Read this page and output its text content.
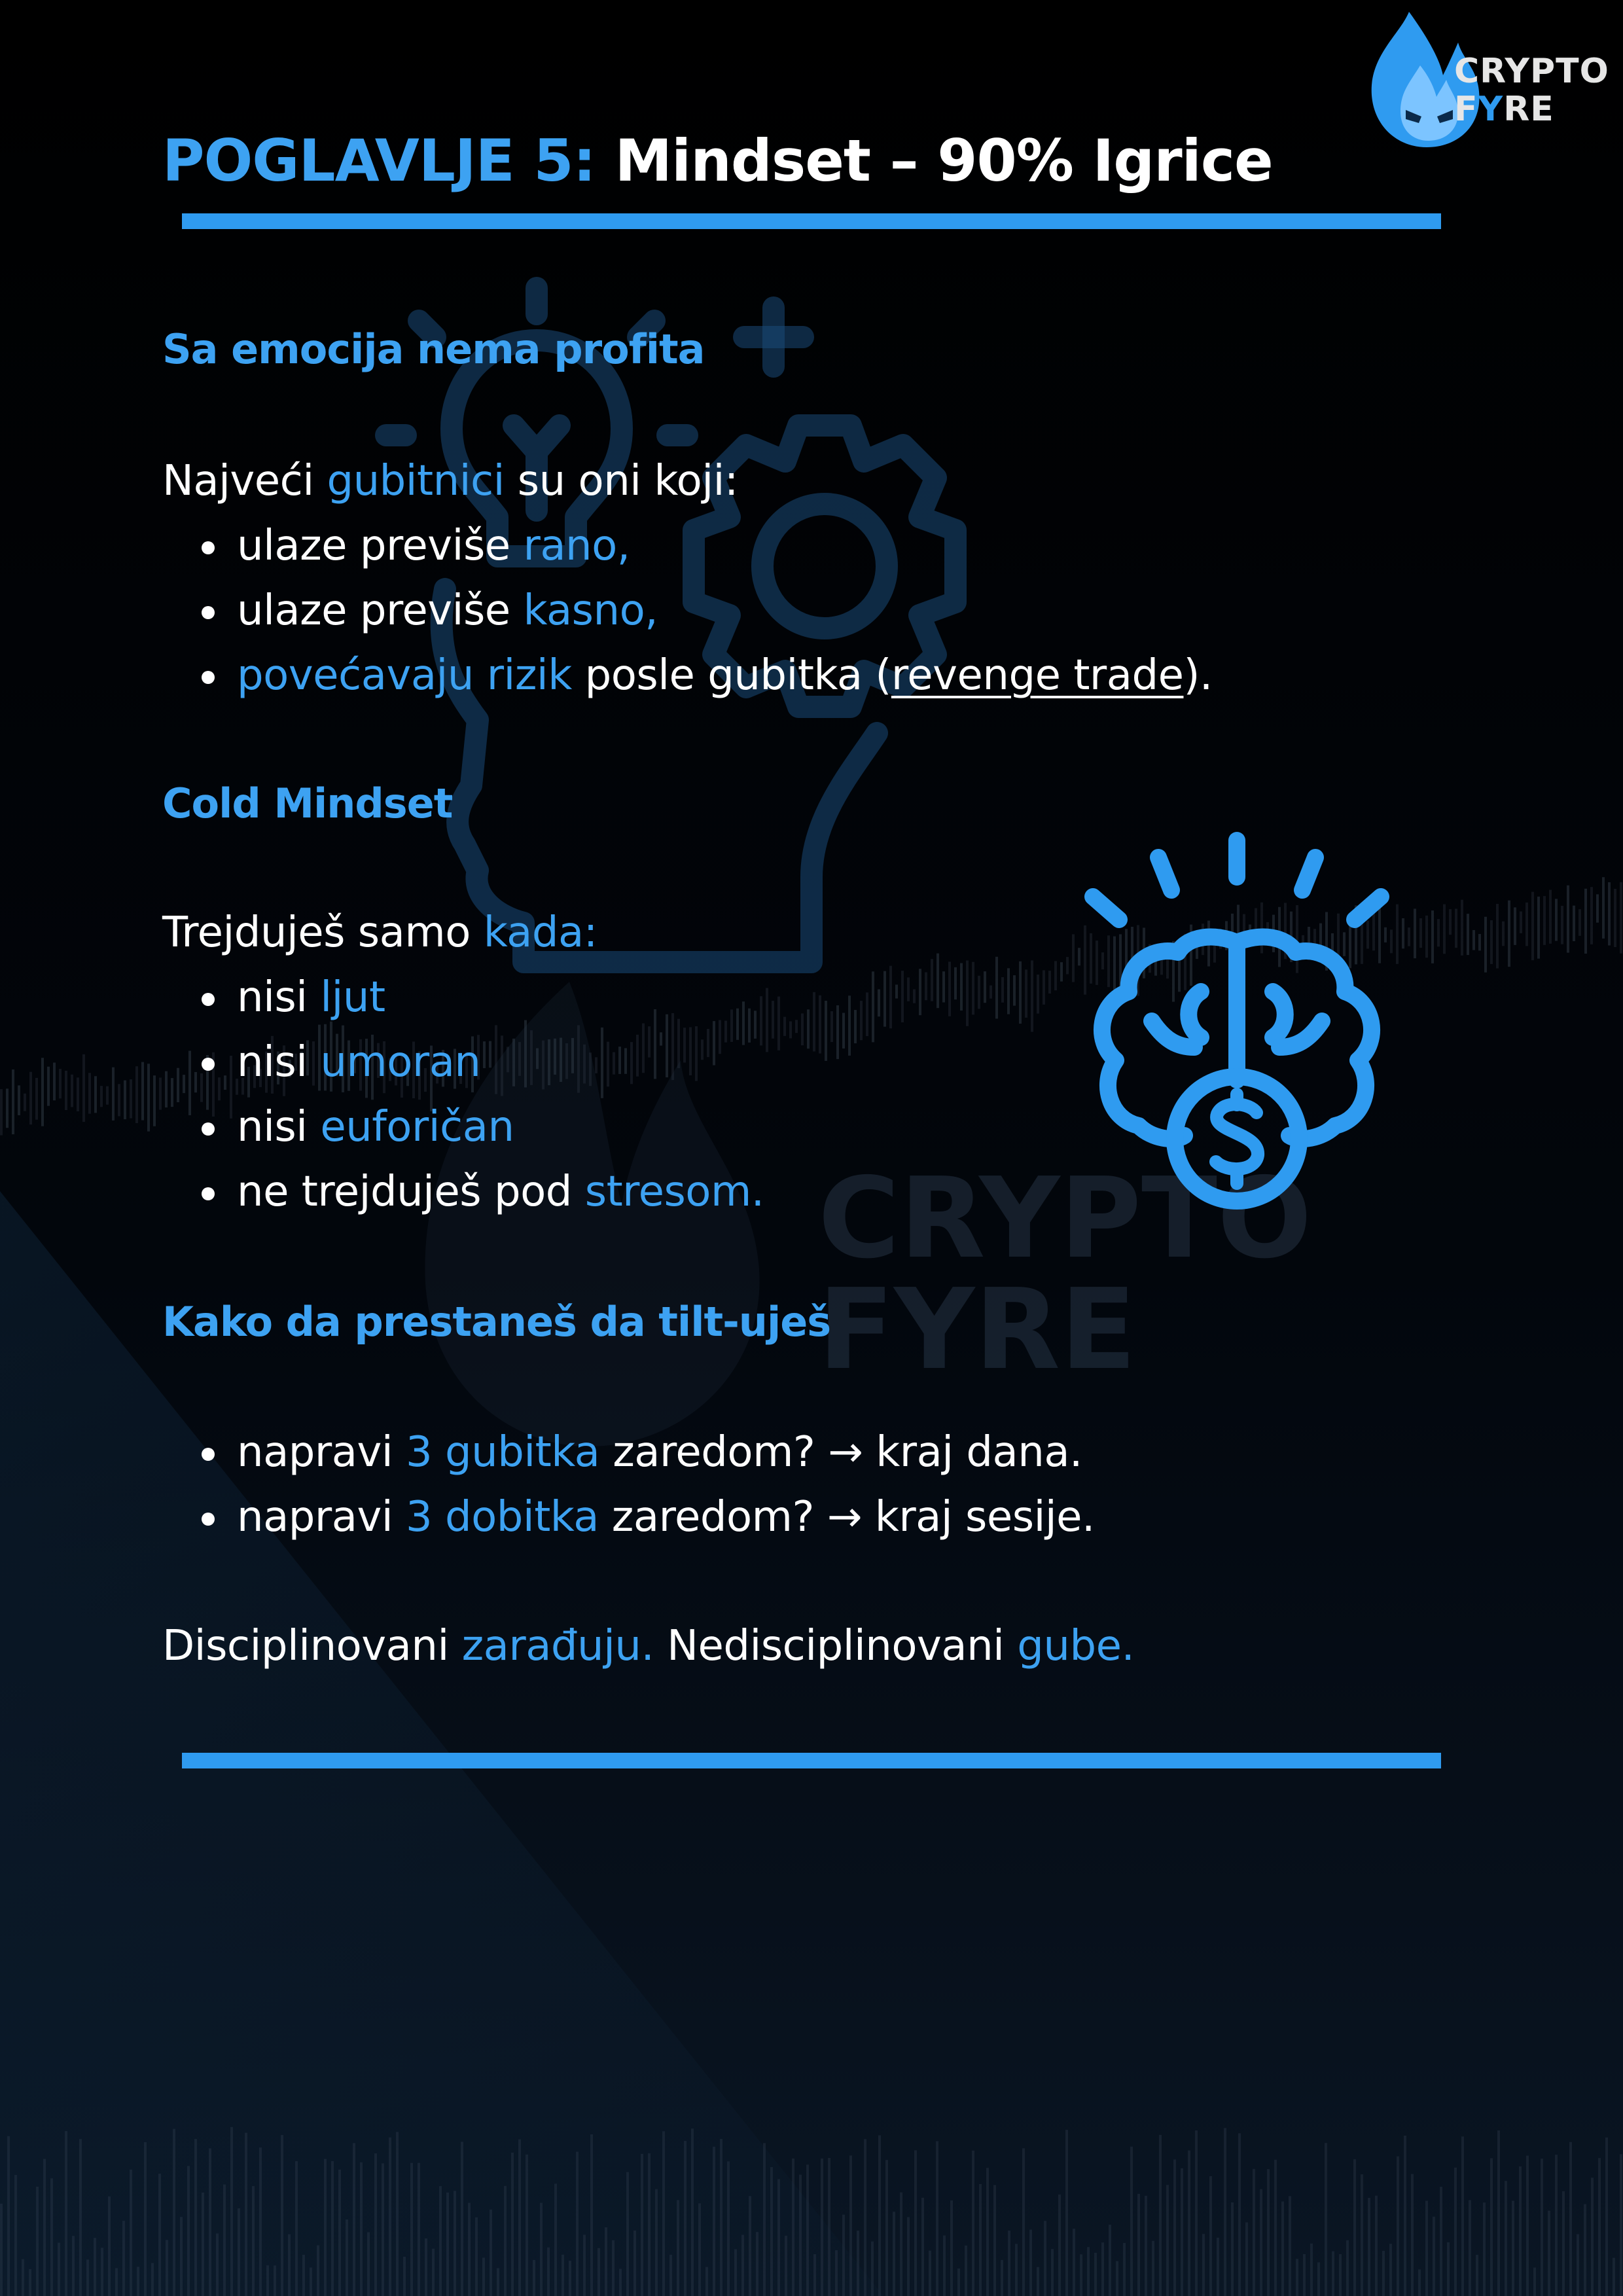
CRYPTO
FYRE
CRYPTO
FYRE
POGLAVLJE 5: Mindset – 90% Igrice
Sa emocija nema profita

Najveći gubitnici su oni koji:

ulaze previše rano,
ulaze previše kasno,
povećavaju rizik posle gubitka (revenge trade).
Cold Mindset

Trejduješ samo kada:

nisi ljut
nisi umoran
nisi euforičan
ne trejduješ pod stresom.
Kako da prestaneš da tilt-uješ
napravi 3 gubitka zaredom? → kraj dana.
napravi 3 dobitka zaredom? → kraj sesije.

Disciplinovani zarađuju. Nedisciplinovani gube.
